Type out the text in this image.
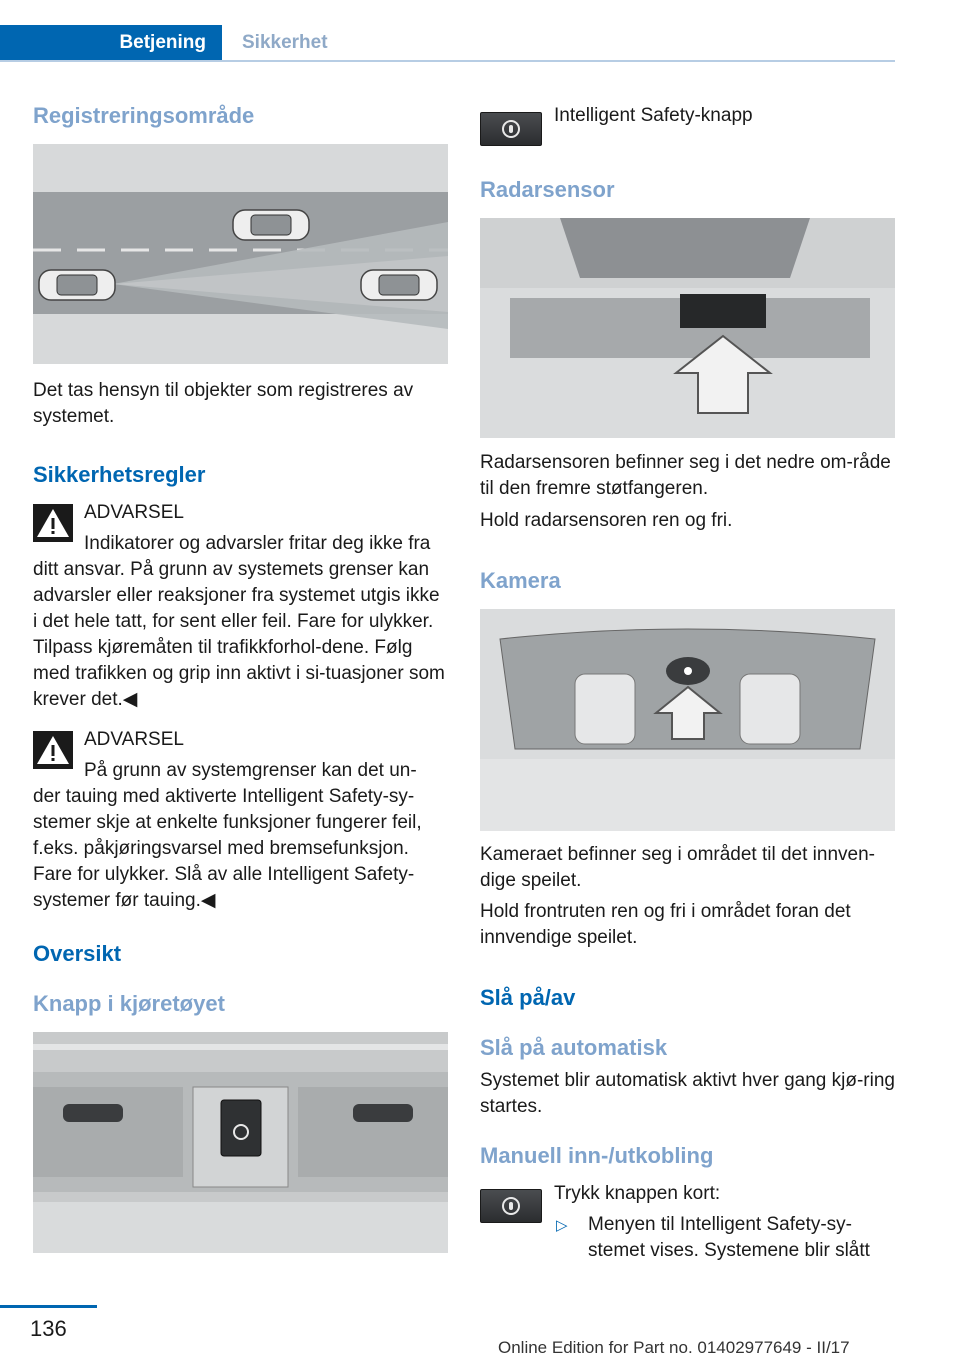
Betjening	Sikkerhet
Registreringsområde

Det tas hensyn til objekter som registreres av systemet.

Sikkerhetsregler
ADVARSEL
Indikatorer og advarsler fritar deg ikke fra
ditt ansvar. På grunn av systemets grenser kan advarsler eller reaksjoner fra systemet utgis ikke i det hele tatt, for sent eller feil. Fare for ulykker. Tilpass kjøremåten til trafikkforhol‐dene. Følg med trafikken og grip inn aktivt i si‐tuasjoner som krever det.◀
ADVARSEL
På grunn av systemgrenser kan det un‐
der tauing med aktiverte Intelligent Safety-sy‐stemer skje at enkelte funksjoner fungerer feil, f.eks. påkjøringsvarsel med bremsefunksjon. Fare for ulykker. Slå av alle Intelligent Safety-systemer før tauing.◀
Oversikt
Knapp i kjøretøyet
Intelligent Safety-knapp
Radarsensor

Radarsensoren befinner seg i det nedre om‐råde til den fremre støtfangeren.

Hold radarsensoren ren og fri.

Kamera

Kameraet befinner seg i området til det innven‐dige speilet.

Hold frontruten ren og fri i området foran det innvendige speilet.

Slå på/av
Slå på automatisk

Systemet blir automatisk aktivt hver gang kjø‐ring startes.

Manuell inn-/utkobling
Trykk knappen kort:
▷	Menyen til Intelligent Safety-sy‐stemet vises. Systemene blir slått
136
Online Edition for Part no. 01402977649 - II/17
